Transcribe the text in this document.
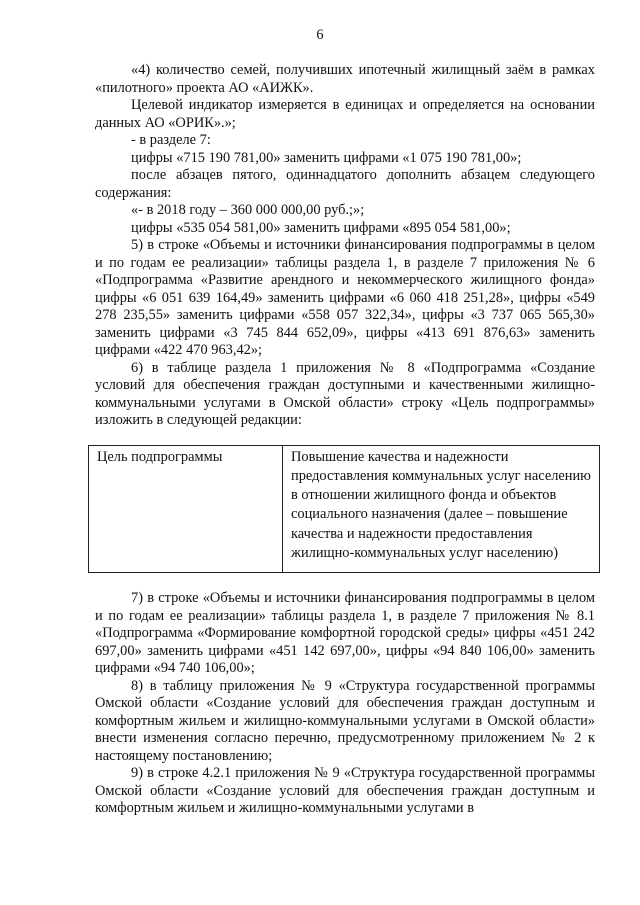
6

«4) количество семей, получивших ипотечный жилищный заём в рамках «пилотного» проекта АО «АИЖК».

Целевой индикатор измеряется в единицах и определяется на основании данных АО «ОРИК».»;

- в разделе 7:

цифры «715 190 781,00» заменить цифрами «1 075 190 781,00»;

после абзацев пятого, одиннадцатого дополнить абзацем следующего содержания:

«- в 2018 году – 360 000 000,00 руб.;»;

цифры «535 054 581,00» заменить цифрами «895 054 581,00»;

5) в строке «Объемы и источники финансирования подпрограммы в целом и по годам ее реализации» таблицы раздела 1, в разделе 7 приложения № 6 «Подпрограмма «Развитие арендного и некоммерческого жилищного фонда» цифры «6 051 639 164,49» заменить цифрами «6 060 418 251,28», цифры «549 278 235,55» заменить цифрами «558 057 322,34», цифры «3 737 065 565,30» заменить цифрами «3 745 844 652,09», цифры «413 691 876,63» заменить цифрами «422 470 963,42»;

6) в таблице раздела 1 приложения № 8 «Подпрограмма «Создание условий для обеспечения граждан доступными и качественными жилищно-коммунальными услугами в Омской области» строку «Цель подпрограммы» изложить в следующей редакции:

Цель подпрограммы	Повышение качества и надежности предоставления коммунальных услуг населению в отношении жилищного фонда и объектов социального назначения (далее – повышение качества и надежности предоставления жилищно-коммунальных услуг населению)

7) в строке «Объемы и источники финансирования подпрограммы в целом и по годам ее реализации» таблицы раздела 1, в разделе 7 приложения № 8.1 «Подпрограмма «Формирование комфортной городской среды» цифры «451 242 697,00» заменить цифрами «451 142 697,00», цифры «94 840 106,00» заменить цифрами «94 740 106,00»;

8) в таблицу приложения № 9 «Структура государственной программы Омской области «Создание условий для обеспечения граждан доступным и комфортным жильем и жилищно-коммунальными услугами в Омской области» внести изменения согласно перечню, предусмотренному приложением № 2 к настоящему постановлению;

9) в строке 4.2.1 приложения № 9 «Структура государственной программы Омской области «Создание условий для обеспечения граждан доступным и комфортным жильем и жилищно-коммунальными услугами в
